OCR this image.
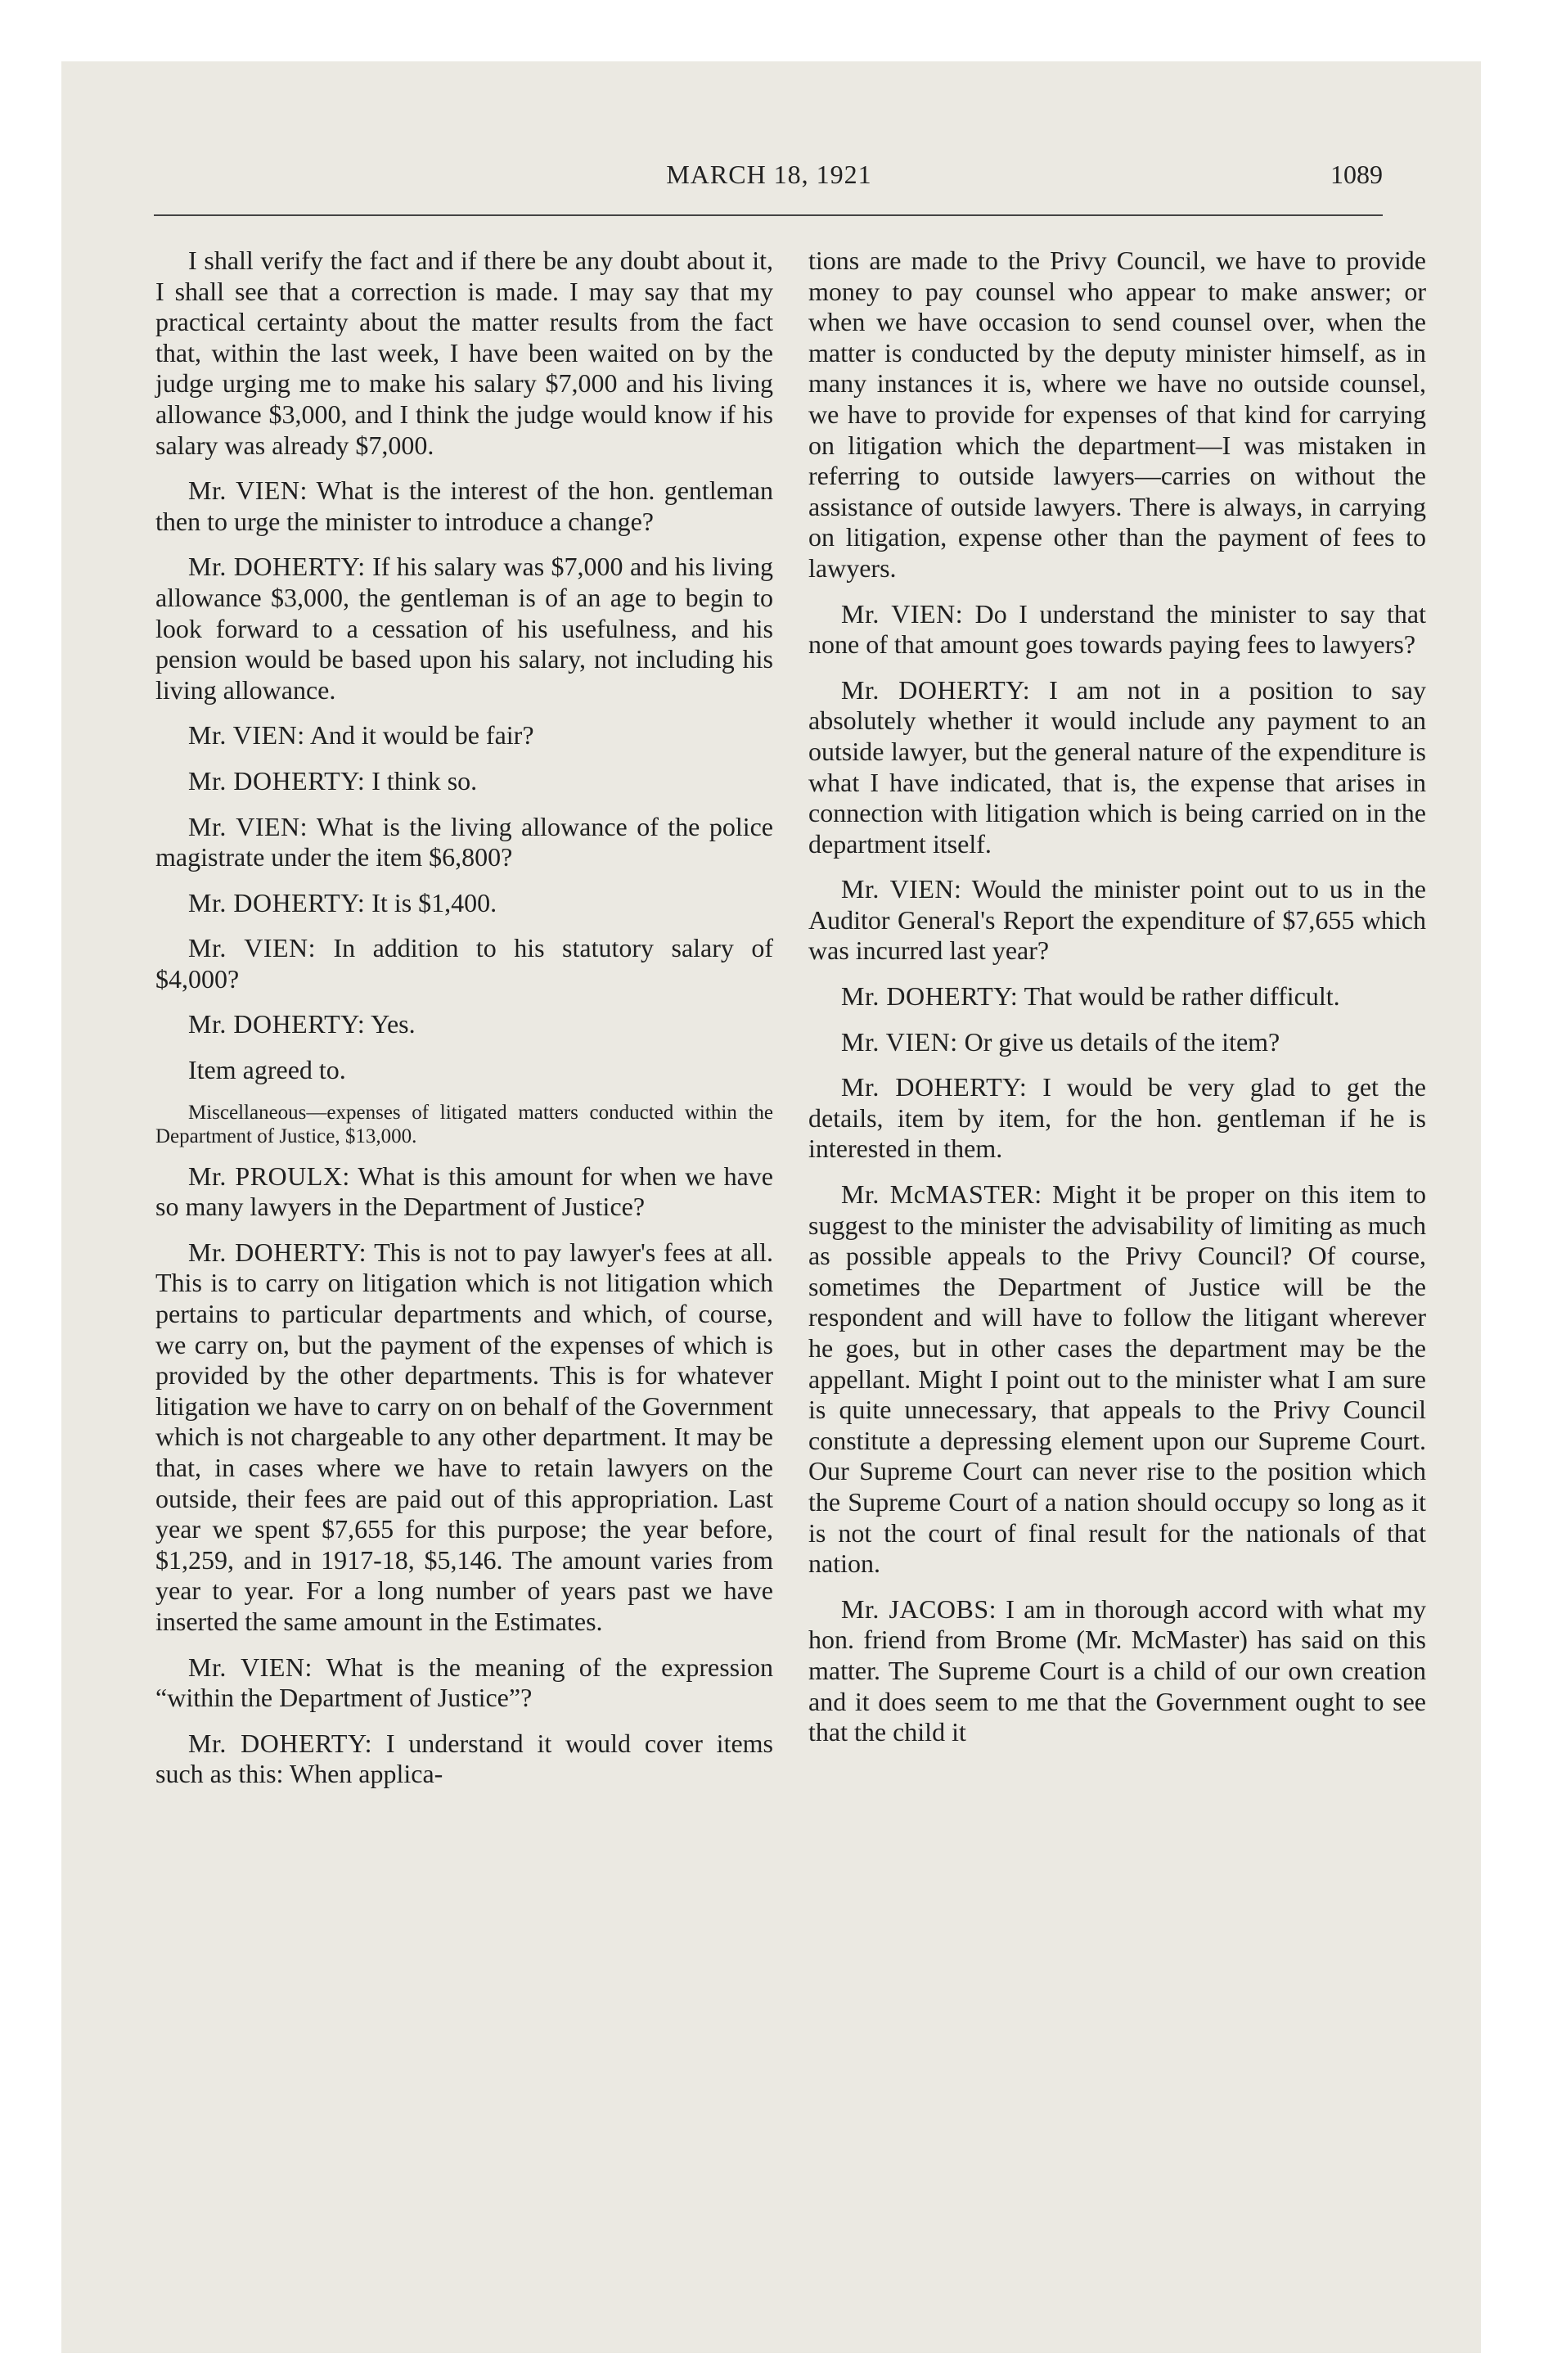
MARCH 18, 1921	1089

I shall verify the fact and if there be any doubt about it, I shall see that a correction is made. I may say that my practical certainty about the matter results from the fact that, within the last week, I have been waited on by the judge urging me to make his salary $7,000 and his living allowance $3,000, and I think the judge would know if his salary was already $7,000.

Mr. VIEN: What is the interest of the hon. gentleman then to urge the minister to introduce a change?

Mr. DOHERTY: If his salary was $7,000 and his living allowance $3,000, the gentleman is of an age to begin to look forward to a cessation of his usefulness, and his pension would be based upon his salary, not including his living allowance.

Mr. VIEN: And it would be fair?

Mr. DOHERTY: I think so.

Mr. VIEN: What is the living allowance of the police magistrate under the item $6,800?

Mr. DOHERTY: It is $1,400.

Mr. VIEN: In addition to his statutory salary of $4,000?

Mr. DOHERTY: Yes.

Item agreed to.

Miscellaneous—expenses of litigated matters conducted within the Department of Justice, $13,000.

Mr. PROULX: What is this amount for when we have so many lawyers in the Department of Justice?

Mr. DOHERTY: This is not to pay lawyer's fees at all. This is to carry on litigation which is not litigation which pertains to particular departments and which, of course, we carry on, but the payment of the expenses of which is provided by the other departments. This is for whatever litigation we have to carry on on behalf of the Government which is not chargeable to any other department. It may be that, in cases where we have to retain lawyers on the outside, their fees are paid out of this appropriation. Last year we spent $7,655 for this purpose; the year before, $1,259, and in 1917-18, $5,146. The amount varies from year to year. For a long number of years past we have inserted the same amount in the Estimates.

Mr. VIEN: What is the meaning of the expression “within the Department of Justice”?

Mr. DOHERTY: I understand it would cover items such as this: When applica-

tions are made to the Privy Council, we have to provide money to pay counsel who appear to make answer; or when we have occasion to send counsel over, when the matter is conducted by the deputy minister himself, as in many instances it is, where we have no outside counsel, we have to provide for expenses of that kind for carrying on litigation which the department—I was mistaken in referring to outside lawyers—carries on without the assistance of outside lawyers. There is always, in carrying on litigation, expense other than the payment of fees to lawyers.

Mr. VIEN: Do I understand the minister to say that none of that amount goes towards paying fees to lawyers?

Mr. DOHERTY: I am not in a position to say absolutely whether it would include any payment to an outside lawyer, but the general nature of the expenditure is what I have indicated, that is, the expense that arises in connection with litigation which is being carried on in the department itself.

Mr. VIEN: Would the minister point out to us in the Auditor General's Report the expenditure of $7,655 which was incurred last year?

Mr. DOHERTY: That would be rather difficult.

Mr. VIEN: Or give us details of the item?

Mr. DOHERTY: I would be very glad to get the details, item by item, for the hon. gentleman if he is interested in them.

Mr. McMASTER: Might it be proper on this item to suggest to the minister the advisability of limiting as much as possible appeals to the Privy Council? Of course, sometimes the Department of Justice will be the respondent and will have to follow the litigant wherever he goes, but in other cases the department may be the appellant. Might I point out to the minister what I am sure is quite unnecessary, that appeals to the Privy Council constitute a depressing element upon our Supreme Court. Our Supreme Court can never rise to the position which the Supreme Court of a nation should occupy so long as it is not the court of final result for the nationals of that nation.

Mr. JACOBS: I am in thorough accord with what my hon. friend from Brome (Mr. McMaster) has said on this matter. The Supreme Court is a child of our own creation and it does seem to me that the Government ought to see that the child it
